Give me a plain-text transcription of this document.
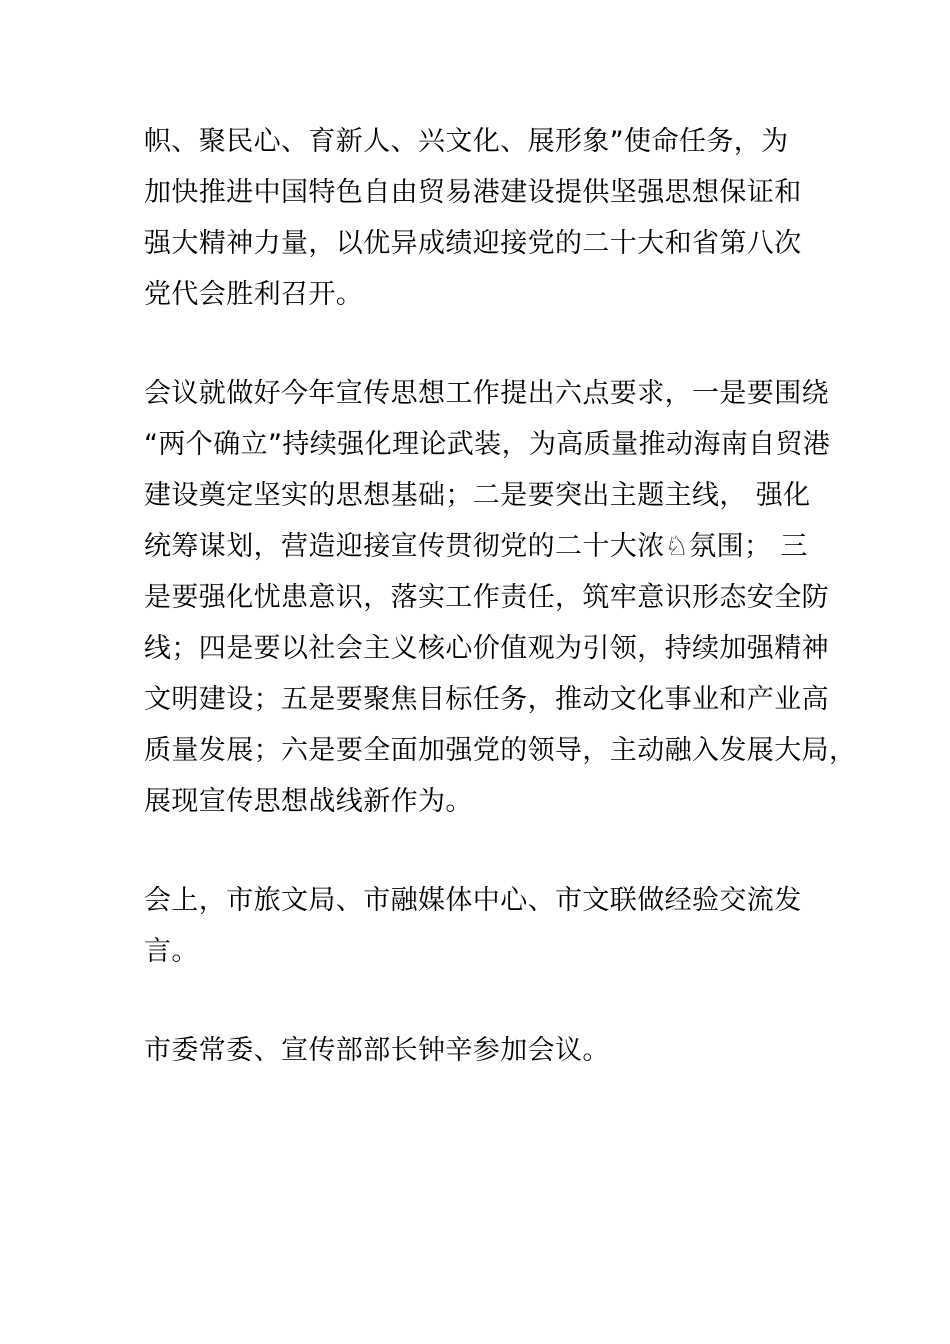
帜、聚民心、育新人、兴文化、展形象”使命任务，为
加快推进中国特色自由贸易港建设提供坚强思想保证和
强大精神力量，以优异成绩迎接党的二十大和省第八次
党代会胜利召开。
会议就做好今年宣传思想工作提出六点要求，一是要围绕
“两个确立”持续强化理论武装，为高质量推动海南自贸港
建设奠定坚实的思想基础；二是要突出主题主线， 强化
统筹谋划，营造迎接宣传贯彻党的二十大浓♘氛围； 三
是要强化忧患意识，落实工作责任，筑牢意识形态安全防
线；四是要以社会主义核心价值观为引领，持续加强精神
文明建设；五是要聚焦目标任务，推动文化事业和产业高
质量发展；六是要全面加强党的领导，主动融入发展大局，
展现宣传思想战线新作为。
会上，市旅文局、市融媒体中心、市文联做经验交流发
言。
市委常委、宣传部部长钟辛参加会议。
